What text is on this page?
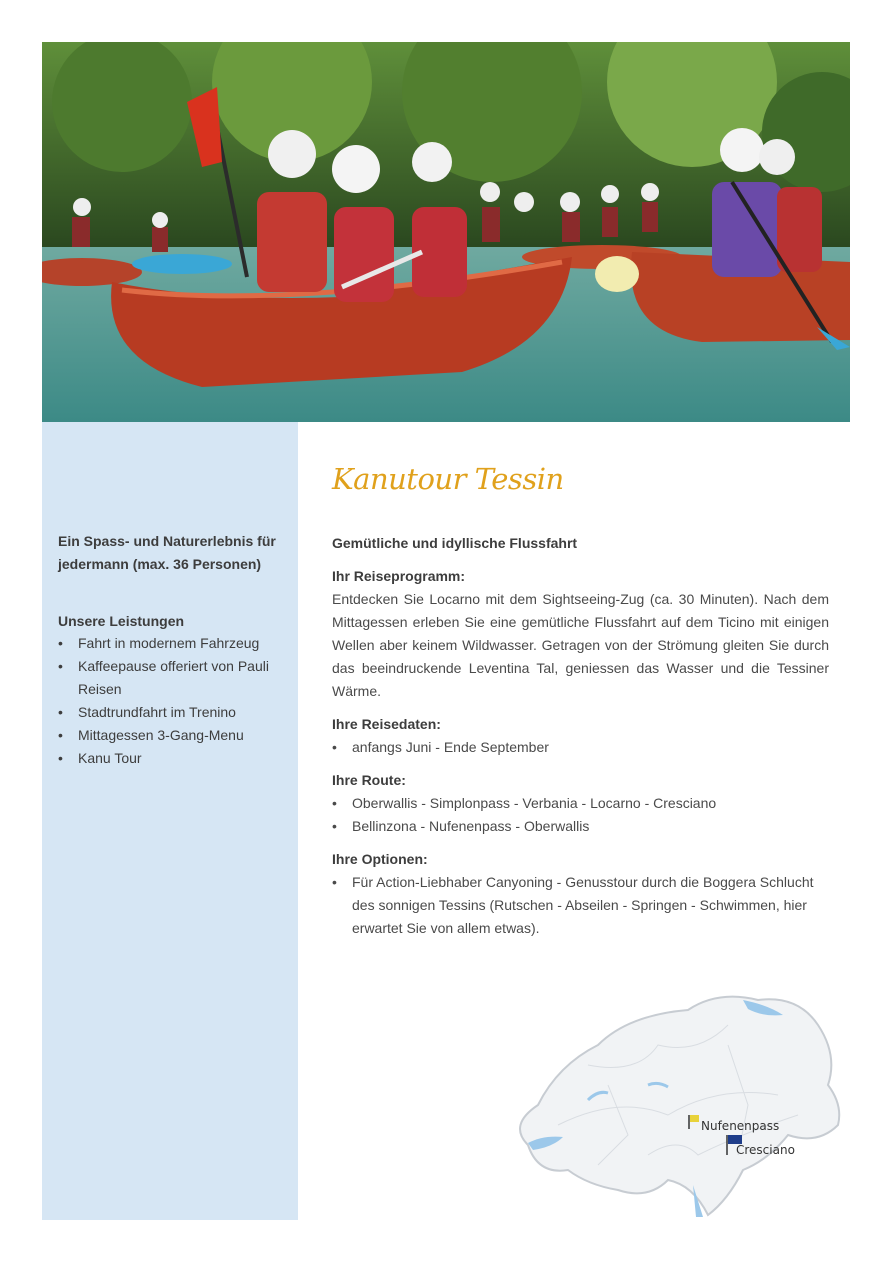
Ein Spass- und Naturerlebnis für jedermann (max. 36 Personen)
Unsere Leistungen
• Fahrt in modernem Fahrzeug
• Kaffeepause offeriert von Pauli Reisen
• Stadtrundfahrt im Trenino
• Mittagessen 3-Gang-Menu
• Kanu Tour
Kanutour Tessin
Gemütliche und idyllische Flussfahrt
Ihr Reiseprogramm:
Entdecken Sie Locarno mit dem Sightseeing-Zug (ca. 30 Minuten). Nach dem Mittagessen erleben Sie eine gemütliche Flussfahrt auf dem Ticino mit einigen Wellen aber keinem Wildwasser. Getragen von der Strömung gleiten Sie durch das beeindruckende Leventina Tal, geniessen das Wasser und die Tessiner Wärme.
Ihre Reisedaten:
• anfangs Juni - Ende September
Ihre Route:
• Oberwallis - Simplonpass - Verbania - Locarno - Cresciano
• Bellinzona - Nufenenpass - Oberwallis
Ihre Optionen:
• Für Action-Liebhaber Canyoning - Genusstour durch die Boggera Schlucht des sonnigen Tessins (Rutschen - Abseilen - Springen - Schwimmen, hier erwartet Sie von allem etwas).
Nufenenpass
Cresciano
